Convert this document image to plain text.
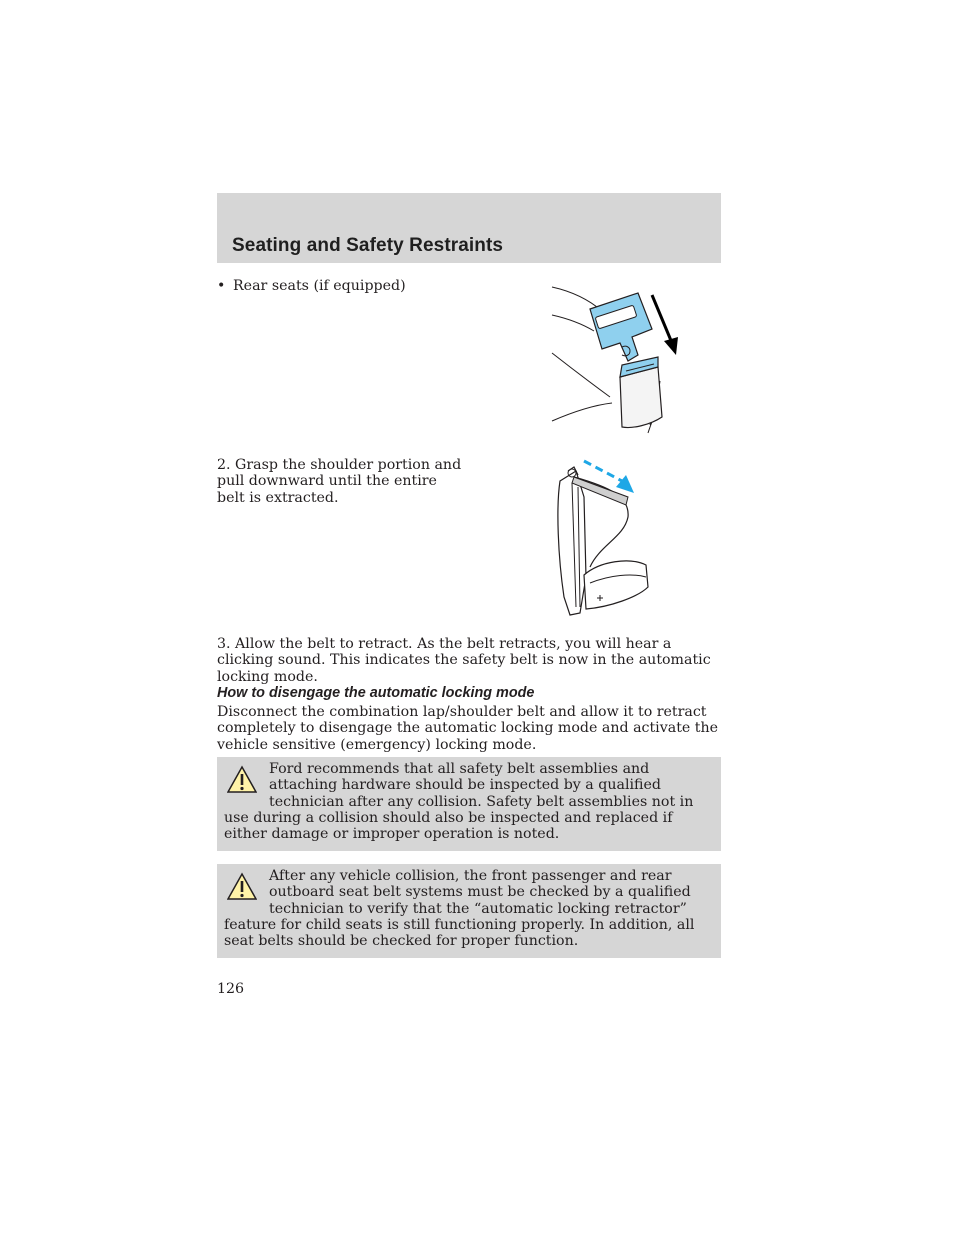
Seating and Safety Restraints
• Rear seats (if equipped)
2. Grasp the shoulder portion and pull downward until the entire belt is extracted.
3. Allow the belt to retract. As the belt retracts, you will hear a clicking sound. This indicates the safety belt is now in the automatic locking mode.
How to disengage the automatic locking mode
Disconnect the combination lap/shoulder belt and allow it to retract completely to disengage the automatic locking mode and activate the vehicle sensitive (emergency) locking mode.

Ford recommends that all safety belt assemblies and attaching hardware should be inspected by a qualified technician after any collision. Safety belt assemblies not in use during a collision should also be inspected and replaced if either damage or improper operation is noted.

After any vehicle collision, the front passenger and rear outboard seat belt systems must be checked by a qualified technician to verify that the “automatic locking retractor” feature for child seats is still functioning properly. In addition, all seat belts should be checked for proper function.

126
